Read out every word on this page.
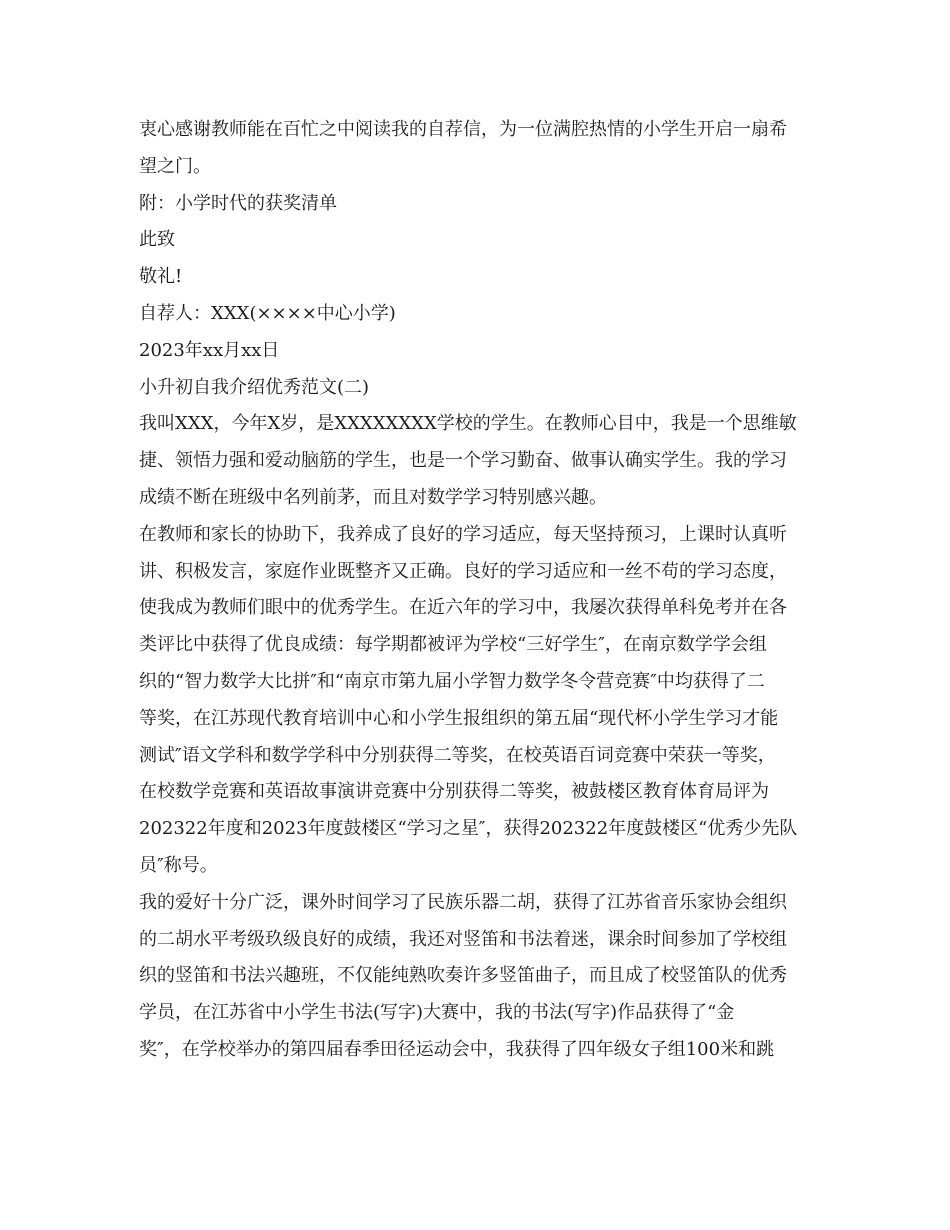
衷心感谢教师能在百忙之中阅读我的自荐信，为一位满腔热情的小学生开启一扇希
望之门。
附：小学时代的获奖清单
此致
敬礼!
自荐人：XXX(××××中心小学)
2023年xx月xx日
小升初自我介绍优秀范文(二)
我叫XXX，今年X岁，是XXXXXXXX学校的学生。在教师心目中，我是一个思维敏
捷、领悟力强和爱动脑筋的学生，也是一个学习勤奋、做事认确实学生。我的学习
成绩不断在班级中名列前茅，而且对数学学习特别感兴趣。
在教师和家长的协助下，我养成了良好的学习适应，每天坚持预习，上课时认真听
讲、积极发言，家庭作业既整齐又正确。良好的学习适应和一丝不苟的学习态度，
使我成为教师们眼中的优秀学生。在近六年的学习中，我屡次获得单科免考并在各
类评比中获得了优良成绩：每学期都被评为学校“三好学生″，在南京数学学会组
织的“智力数学大比拼″和“南京市第九届小学智力数学冬令营竞赛″中均获得了二
等奖，在江苏现代教育培训中心和小学生报组织的第五届“现代杯小学生学习才能
测试″语文学科和数学学科中分别获得二等奖，在校英语百词竞赛中荣获一等奖，
在校数学竞赛和英语故事演讲竞赛中分别获得二等奖，被鼓楼区教育体育局评为
202322年度和2023年度鼓楼区“学习之星″，获得202322年度鼓楼区“优秀少先队
员″称号。
我的爱好十分广泛，课外时间学习了民族乐器二胡，获得了江苏省音乐家协会组织
的二胡水平考级玖级良好的成绩，我还对竖笛和书法着迷，课余时间参加了学校组
织的竖笛和书法兴趣班，不仅能纯熟吹奏许多竖笛曲子，而且成了校竖笛队的优秀
学员，在江苏省中小学生书法(写字)大赛中，我的书法(写字)作品获得了“金
奖″，在学校举办的第四届春季田径运动会中，我获得了四年级女子组100米和跳
